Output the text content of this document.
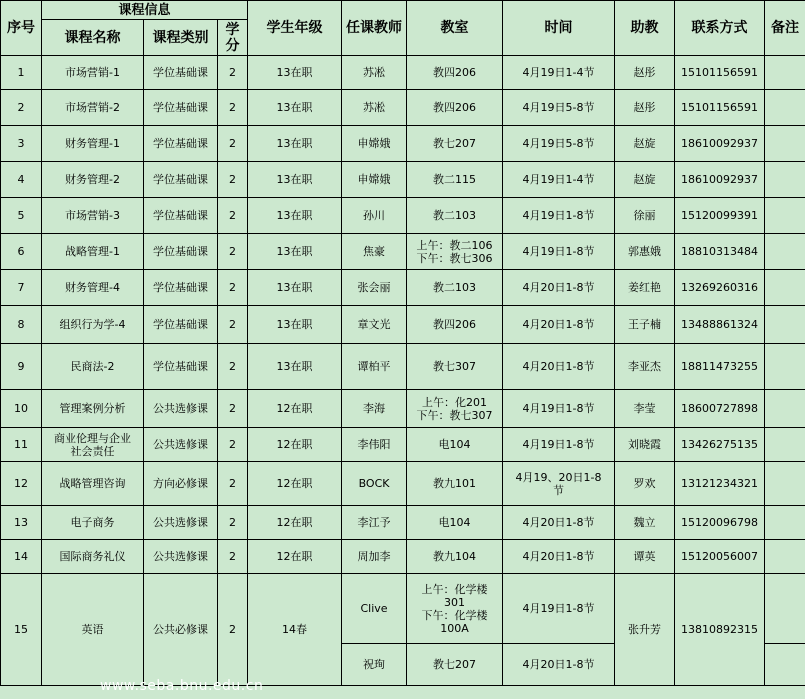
序号	课程信息			学生年级	任课教师	教室	时间	助教	联系方式	备注
	课程名称	课程类别	学分							
1	市场营销-1	学位基础课	2	13在职	苏凇	教四206	4月19日1-4节	赵彤	15101156591	
2	市场营销-2	学位基础课	2	13在职	苏凇	教四206	4月19日5-8节	赵彤	15101156591	
3	财务管理-1	学位基础课	2	13在职	申嫦娥	教七207	4月19日5-8节	赵旋	18610092937	
4	财务管理-2	学位基础课	2	13在职	申嫦娥	教二115	4月19日1-4节	赵旋	18610092937	
5	市场营销-3	学位基础课	2	13在职	孙川	教二103	4月19日1-8节	徐丽	15120099391	
6	战略管理-1	学位基础课	2	13在职	焦豪	上午：教二106
下午：教七306	4月19日1-8节	郭惠娥	18810313484	
7	财务管理-4	学位基础课	2	13在职	张会丽	教二103	4月20日1-8节	姜红艳	13269260316	
8	组织行为学-4	学位基础课	2	13在职	章文光	教四206	4月20日1-8节	王子楠	13488861324	
9	民商法-2	学位基础课	2	13在职	谭柏平	教七307	4月20日1-8节	李亚杰	18811473255	
10	管理案例分析	公共选修课	2	12在职	李海	上午：化201
下午：教七307	4月19日1-8节	李莹	18600727898	
11	商业伦理与企业
社会责任	公共选修课	2	12在职	李伟阳	电104	4月19日1-8节	刘晓霞	13426275135	
12	战略管理咨询	方向必修课	2	12在职	BOCK	教九101	4月19、20日1-8
节	罗欢	13121234321	
13	电子商务	公共选修课	2	12在职	李江予	电104	4月20日1-8节	魏立	15120096798	
14	国际商务礼仪	公共选修课	2	12在职	周加李	教九104	4月20日1-8节	谭英	15120056007	
15	英语	公共必修课	2	14春	Clive	上午：化学楼
301
下午：化学楼
100A	4月19日1-8节	张升芳	13810892315	
					祝珣	教七207	4月20日1-8节			
www.seba.bnu.edu.cn
